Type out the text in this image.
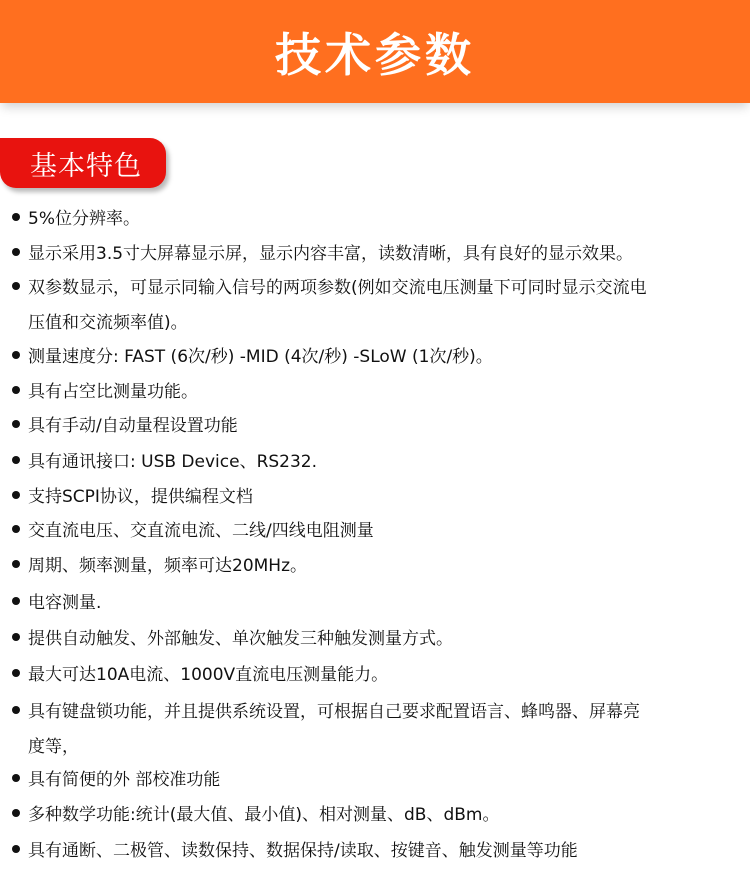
技术参数
基本特色
5%位分辨率。
显示采用3.5寸大屏幕显示屏，显示内容丰富，读数清晰，具有良好的显示效果。
双参数显示，可显示同输入信号的两项参数(例如交流电压测量下可同时显示交流电
压值和交流频率值)。
测量速度分: FAST (6次/秒) -MID (4次/秒) -SLoW (1次/秒)。
具有占空比测量功能。
具有手动/自动量程设置功能
具有通讯接口: USB Device、RS232.
支持SCPI协议，提供编程文档
交直流电压、交直流电流、二线/四线电阻测量
周期、频率测量，频率可达20MHz。
电容测量.
提供自动触发、外部触发、单次触发三种触发测量方式。
最大可达10A电流、1000V直流电压测量能力。
具有键盘锁功能，并且提供系统设置，可根据自己要求配置语言、蜂鸣器、屏幕亮
度等，
具有简便的外 部校准功能
多种数学功能:统计(最大值、最小值)、相对测量、dB、dBm。
具有通断、二极管、读数保持、数据保持/读取、按键音、触发测量等功能
